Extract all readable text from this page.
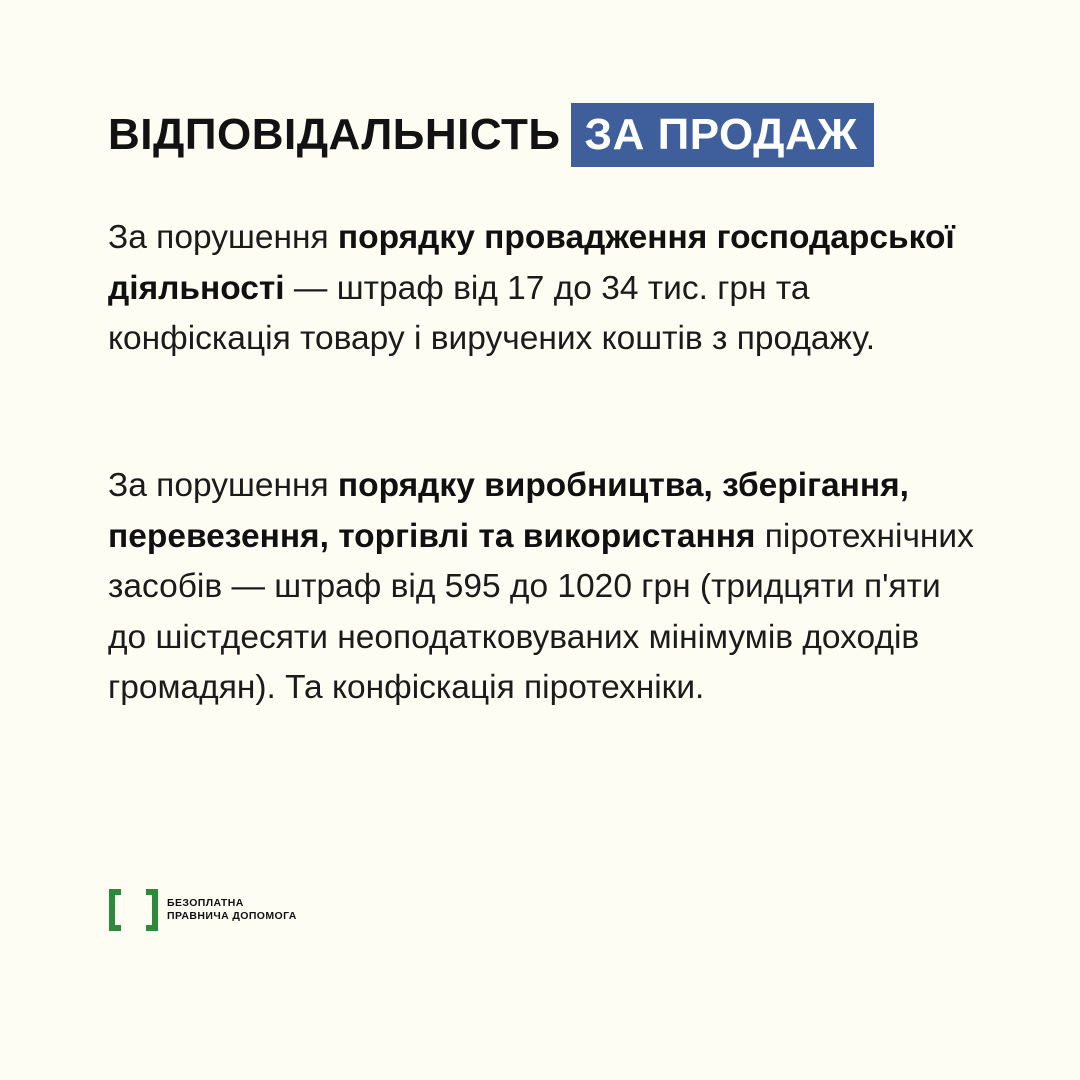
ВІДПОВІДАЛЬНІСТЬ ЗА ПРОДАЖ

За порушення порядку провадження господарської діяльності — штраф від 17 до 34 тис. грн та конфіскація товару і виручених коштів з продажу.

За порушення порядку виробництва, зберігання, перевезення, торгівлі та використання піротехнічних засобів — штраф від 595 до 1020 грн (тридцяти п'яти до шістдесяти неоподатковуваних мінімумів доходів громадян). Та конфіскація піротехніки.

БЕЗОПЛАТНА
ПРАВНИЧА ДОПОМОГА
